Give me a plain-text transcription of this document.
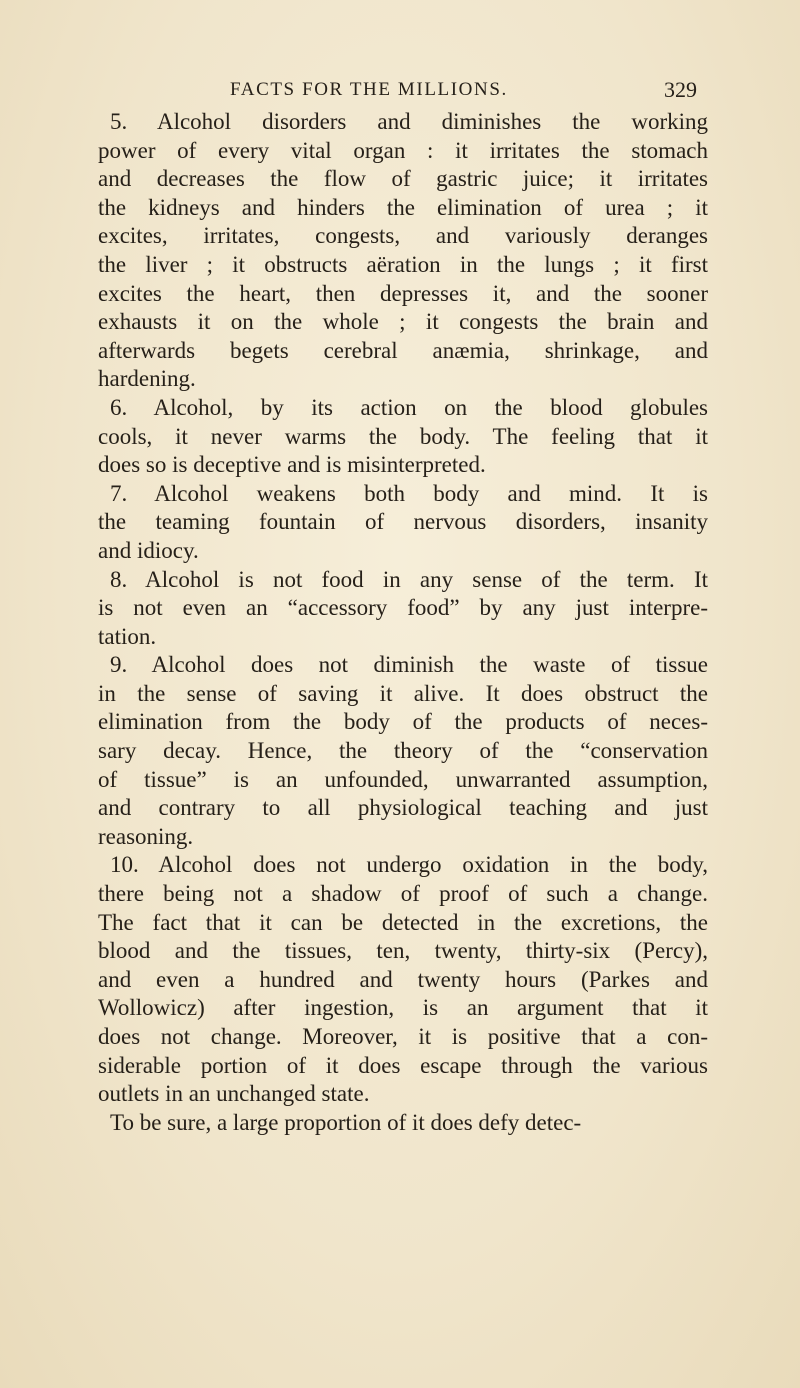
FACTS FOR THE MILLIONS.	329

5. Alcohol disorders and diminishes the working
power of every vital organ : it irritates the stomach
and decreases the flow of gastric juice; it irritates
the kidneys and hinders the elimination of urea ; it
excites, irritates, congests, and variously deranges
the liver ; it obstructs aëration in the lungs ; it first
excites the heart, then depresses it, and the sooner
exhausts it on the whole ; it congests the brain and
afterwards begets cerebral anæmia, shrinkage, and
hardening.

6. Alcohol, by its action on the blood globules
cools, it never warms the body. The feeling that it
does so is deceptive and is misinterpreted.

7. Alcohol weakens both body and mind. It is
the teaming fountain of nervous disorders, insanity
and idiocy.

8. Alcohol is not food in any sense of the term. It
is not even an “accessory food” by any just interpre-
tation.

9. Alcohol does not diminish the waste of tissue
in the sense of saving it alive. It does obstruct the
elimination from the body of the products of neces-
sary decay. Hence, the theory of the “conservation
of tissue” is an unfounded, unwarranted assumption,
and contrary to all physiological teaching and just
reasoning.

10. Alcohol does not undergo oxidation in the body,
there being not a shadow of proof of such a change.
The fact that it can be detected in the excretions, the
blood and the tissues, ten, twenty, thirty-six (Percy),
and even a hundred and twenty hours (Parkes and
Wollowicz) after ingestion, is an argument that it
does not change. Moreover, it is positive that a con-
siderable portion of it does escape through the various
outlets in an unchanged state.

To be sure, a large proportion of it does defy detec-
